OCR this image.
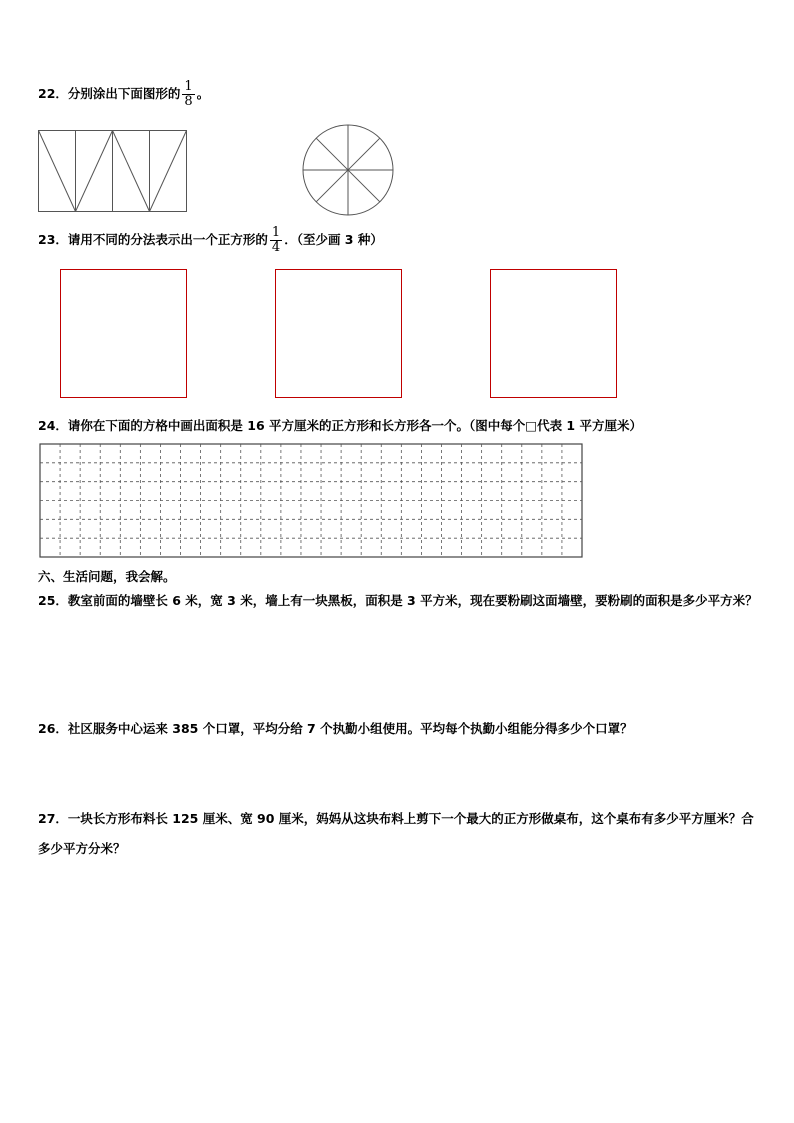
22．分别涂出下面图形的 $\frac{1}{8}$ 。
23．请用不同的分法表示出一个正方形的 $\frac{1}{4}$ ．（至少画 3 种）
24．请你在下面的方格中画出面积是 16 平方厘米的正方形和长方形各一个。（图中每个□代表 1 平方厘米）
六、生活问题，我会解。
25．教室前面的墙壁长 6 米，宽 3 米，墙上有一块黑板，面积是 3 平方米，现在要粉刷这面墙壁，要粉刷的面积是多少平方米？
26．社区服务中心运来 385 个口罩，平均分给 7 个执勤小组使用。平均每个执勤小组能分得多少个口罩？
27．一块长方形布料长 125 厘米、宽 90 厘米，妈妈从这块布料上剪下一个最大的正方形做桌布，这个桌布有多少平方厘米？合多少平方分米？
